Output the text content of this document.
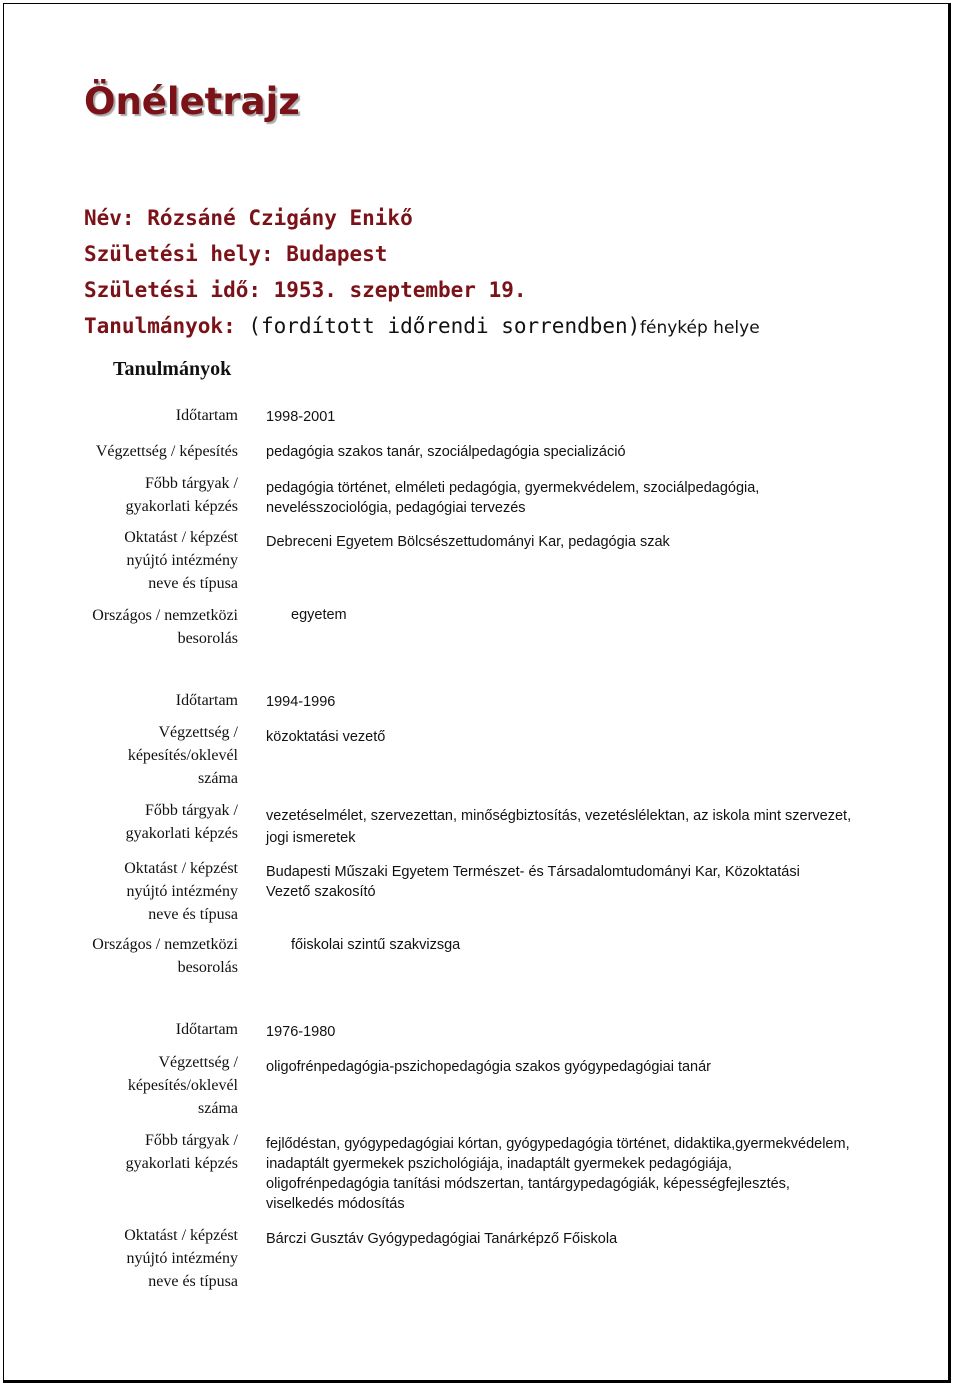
Önéletrajz
Név: Rózsáné Czigány Enikő
Születési hely: Budapest
Születési idő: 1953. szeptember 19.
Tanulmányok: (fordított időrendi sorrendben) fénykép helye
Tanulmányok
Időtartam 1998-2001
Végzettség / képesítés pedagógia szakos tanár, szociálpedagógia specializáció
Főbb tárgyak / gyakorlati képzés
pedagógia történet, elméleti pedagógia, gyermekvédelem, szociálpedagógia, nevelésszociológia, pedagógiai tervezés
Oktatást / képzést nyújtó intézmény neve és típusa
Debreceni Egyetem Bölcsészettudományi Kar, pedagógia szak
Országos / nemzetközi besorolás
egyetem
Időtartam 1994-1996
Végzettség / képesítés/oklevél száma
közoktatási vezető
Főbb tárgyak / gyakorlati képzés
vezetéselmélet, szervezettan, minőségbiztosítás, vezetéslélektan, az iskola mint szervezet, jogi ismeretek
Oktatást / képzést nyújtó intézmény neve és típusa
Budapesti Műszaki Egyetem Természet- és Társadalomtudományi Kar, Közoktatási Vezető szakosító
Országos / nemzetközi besorolás
főiskolai szintű szakvizsga
Időtartam 1976-1980
Végzettség / képesítés/oklevél száma
oligofrénpedagógia-pszichopedagógia szakos gyógypedagógiai tanár
Főbb tárgyak / gyakorlati képzés
fejlődéstan, gyógypedagógiai kórtan, gyógypedagógia történet, didaktika,gyermekvédelem, inadaptált gyermekek pszichológiája, inadaptált gyermekek pedagógiája, oligofrénpedagógia tanítási módszertan, tantárgypedagógiák, képességfejlesztés, viselkedés módosítás
Oktatást / képzést nyújtó intézmény neve és típusa
Bárczi Gusztáv Gyógypedagógiai Tanárképző Főiskola
